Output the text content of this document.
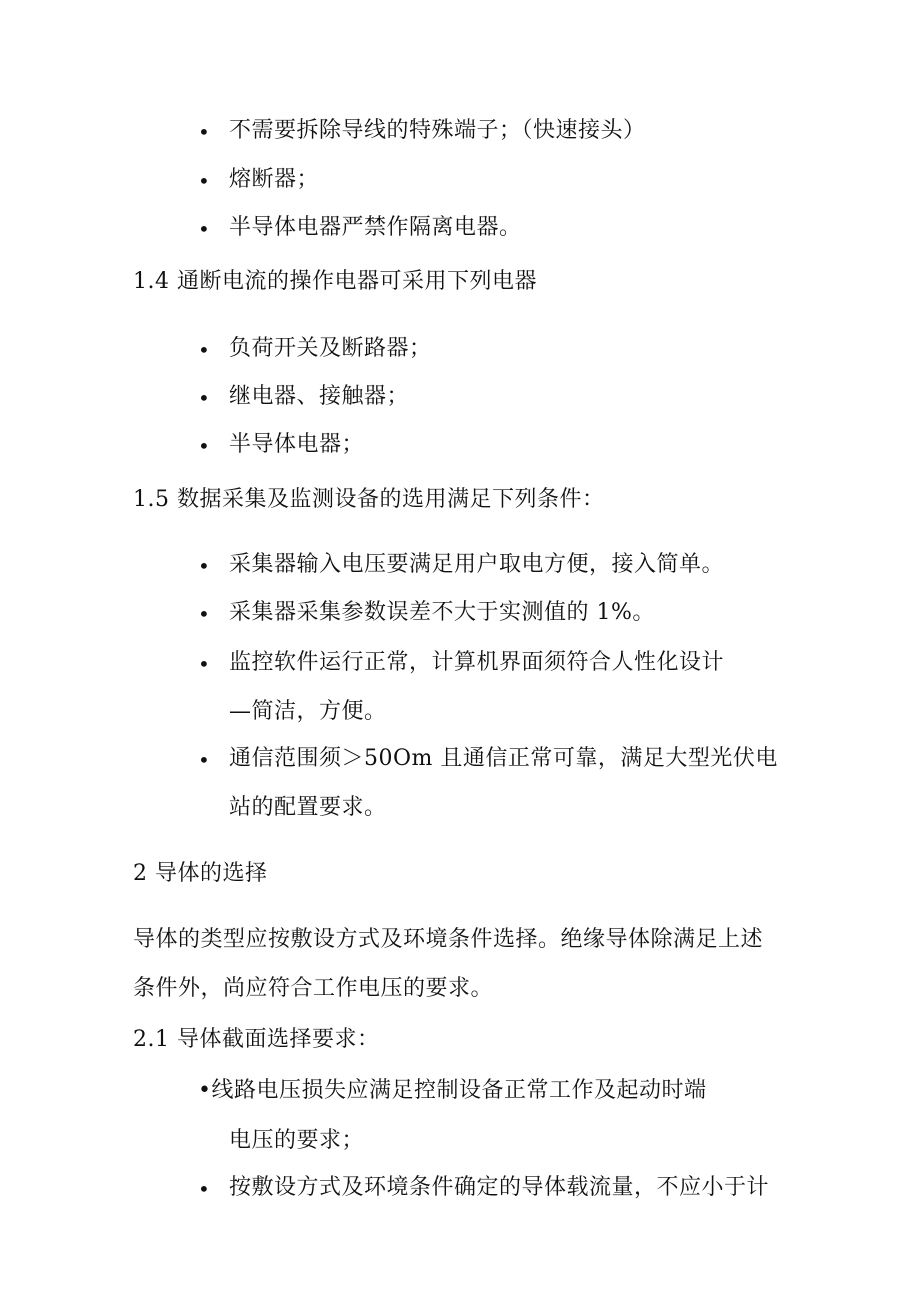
• 不需要拆除导线的特殊端子；（快速接头）
• 熔断器；
• 半导体电器严禁作隔离电器。
1.4 通断电流的操作电器可采用下列电器
• 负荷开关及断路器；
• 继电器、接触器；
• 半导体电器；
1.5 数据采集及监测设备的选用满足下列条件：
• 采集器输入电压要满足用户取电方便，接入简单。
• 采集器采集参数误差不大于实测值的 1%。
• 监控软件运行正常，计算机界面须符合人性化设计
—简洁，方便。
• 通信范围须＞50Om 且通信正常可靠，满足大型光伏电
站的配置要求。
2 导体的选择
导体的类型应按敷设方式及环境条件选择。绝缘导体除满足上述
条件外，尚应符合工作电压的要求。
2.1 导体截面选择要求：
•线路电压损失应满足控制设备正常工作及起动时端
电压的要求；
• 按敷设方式及环境条件确定的导体载流量，不应小于计
